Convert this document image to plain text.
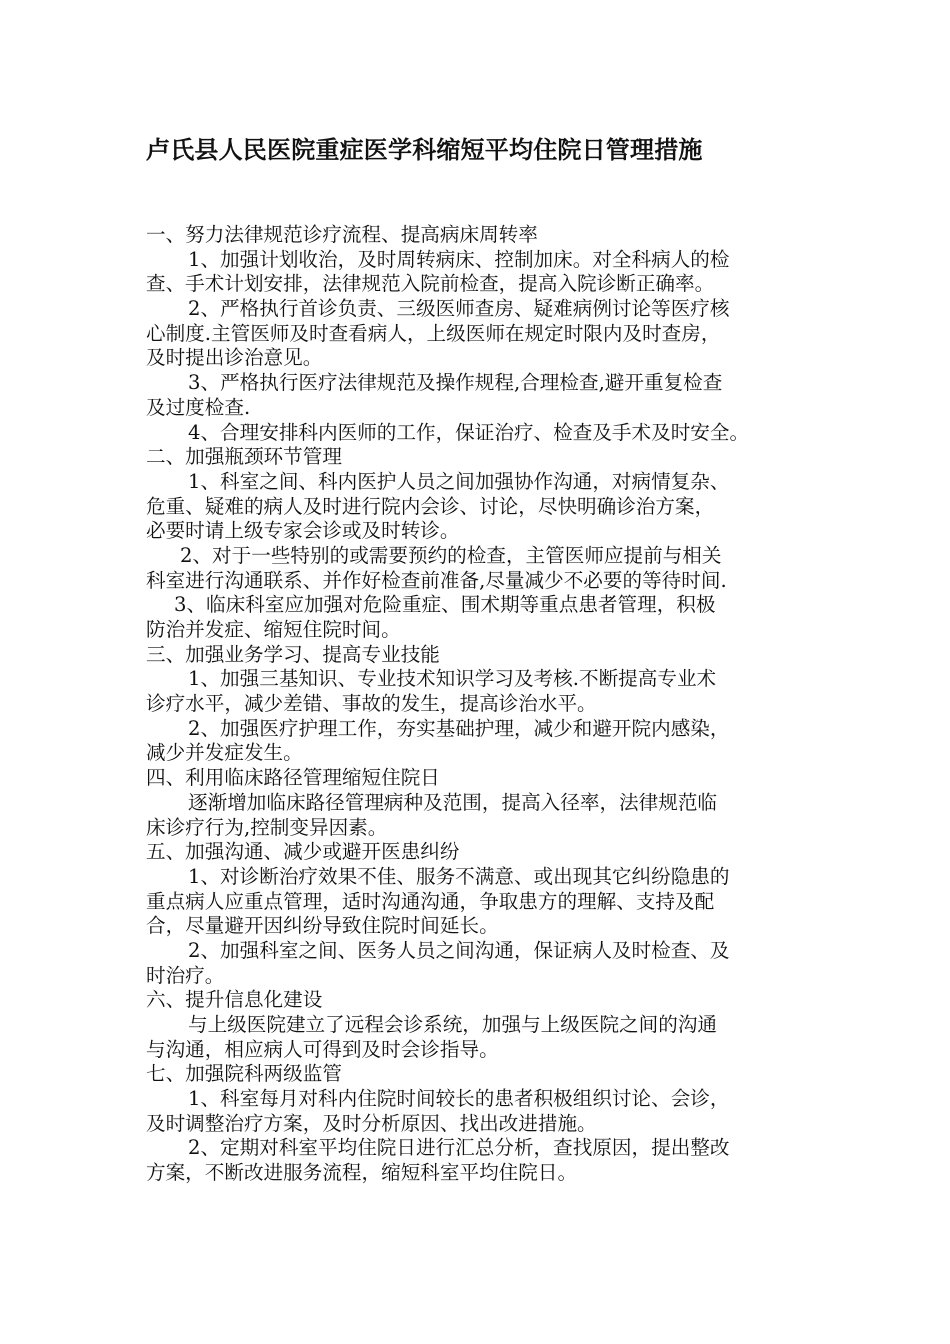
卢氏县人民医院重症医学科缩短平均住院日管理措施
一、努力法律规范诊疗流程、提高病床周转率
1、加强计划收治，及时周转病床、控制加床。对全科病人的检
查、手术计划安排，法律规范入院前检查，提高入院诊断正确率。
2、严格执行首诊负责、三级医师查房、疑难病例讨论等医疗核
心制度.主管医师及时查看病人，上级医师在规定时限内及时查房，
及时提出诊治意见。
3、严格执行医疗法律规范及操作规程,合理检查,避开重复检查
及过度检查.
4、合理安排科内医师的工作，保证治疗、检查及手术及时安全。
二、加强瓶颈环节管理
1、科室之间、科内医护人员之间加强协作沟通，对病情复杂、
危重、疑难的病人及时进行院内会诊、讨论，尽快明确诊治方案，
必要时请上级专家会诊或及时转诊。
2、对于一些特别的或需要预约的检查，主管医师应提前与相关
科室进行沟通联系、并作好检查前准备,尽量减少不必要的等待时间.
3、临床科室应加强对危险重症、围术期等重点患者管理，积极
防治并发症、缩短住院时间。
三、加强业务学习、提高专业技能
1、加强三基知识、专业技术知识学习及考核.不断提高专业术
诊疗水平，减少差错、事故的发生，提高诊治水平。
2、加强医疗护理工作，夯实基础护理，减少和避开院内感染，
减少并发症发生。
四、利用临床路径管理缩短住院日
逐渐增加临床路径管理病种及范围，提高入径率，法律规范临
床诊疗行为,控制变异因素。
五、加强沟通、减少或避开医患纠纷
1、对诊断治疗效果不佳、服务不满意、或出现其它纠纷隐患的
重点病人应重点管理，适时沟通沟通，争取患方的理解、支持及配
合，尽量避开因纠纷导致住院时间延长。
2、加强科室之间、医务人员之间沟通，保证病人及时检查、及
时治疗。
六、提升信息化建设
与上级医院建立了远程会诊系统，加强与上级医院之间的沟通
与沟通，相应病人可得到及时会诊指导。
七、加强院科两级监管
1、科室每月对科内住院时间较长的患者积极组织讨论、会诊，
及时调整治疗方案，及时分析原因、找出改进措施。
2、定期对科室平均住院日进行汇总分析，查找原因，提出整改
方案，不断改进服务流程，缩短科室平均住院日。
